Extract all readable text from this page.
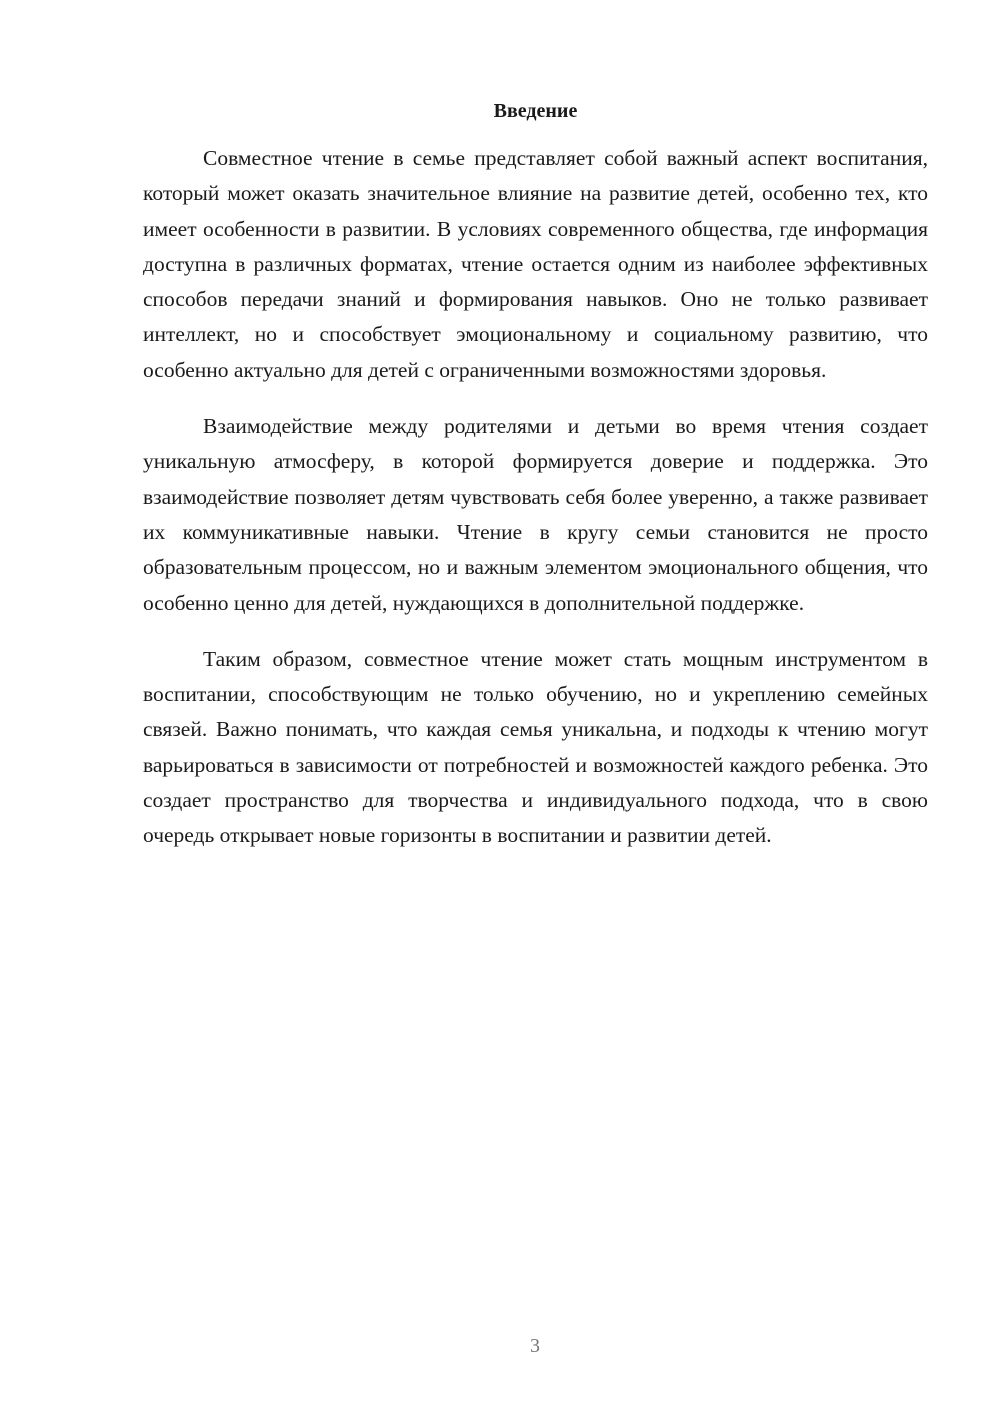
Введение

Совместное чтение в семье представляет собой важный аспект воспитания, который может оказать значительное влияние на развитие детей, особенно тех, кто имеет особенности в развитии. В условиях современного общества, где информация доступна в различных форматах, чтение остается одним из наиболее эффективных способов передачи знаний и формирования навыков. Оно не только развивает интеллект, но и способствует эмоциональному и социальному развитию, что особенно актуально для детей с ограниченными возможностями здоровья.

Взаимодействие между родителями и детьми во время чтения создает уникальную атмосферу, в которой формируется доверие и поддержка. Это взаимодействие позволяет детям чувствовать себя более уверенно, а также развивает их коммуникативные навыки. Чтение в кругу семьи становится не просто образовательным процессом, но и важным элементом эмоционального общения, что особенно ценно для детей, нуждающихся в дополнительной поддержке.

Таким образом, совместное чтение может стать мощным инструментом в воспитании, способствующим не только обучению, но и укреплению семейных связей. Важно понимать, что каждая семья уникальна, и подходы к чтению могут варьироваться в зависимости от потребностей и возможностей каждого ребенка. Это создает пространство для творчества и индивидуального подхода, что в свою очередь открывает новые горизонты в воспитании и развитии детей.

3
